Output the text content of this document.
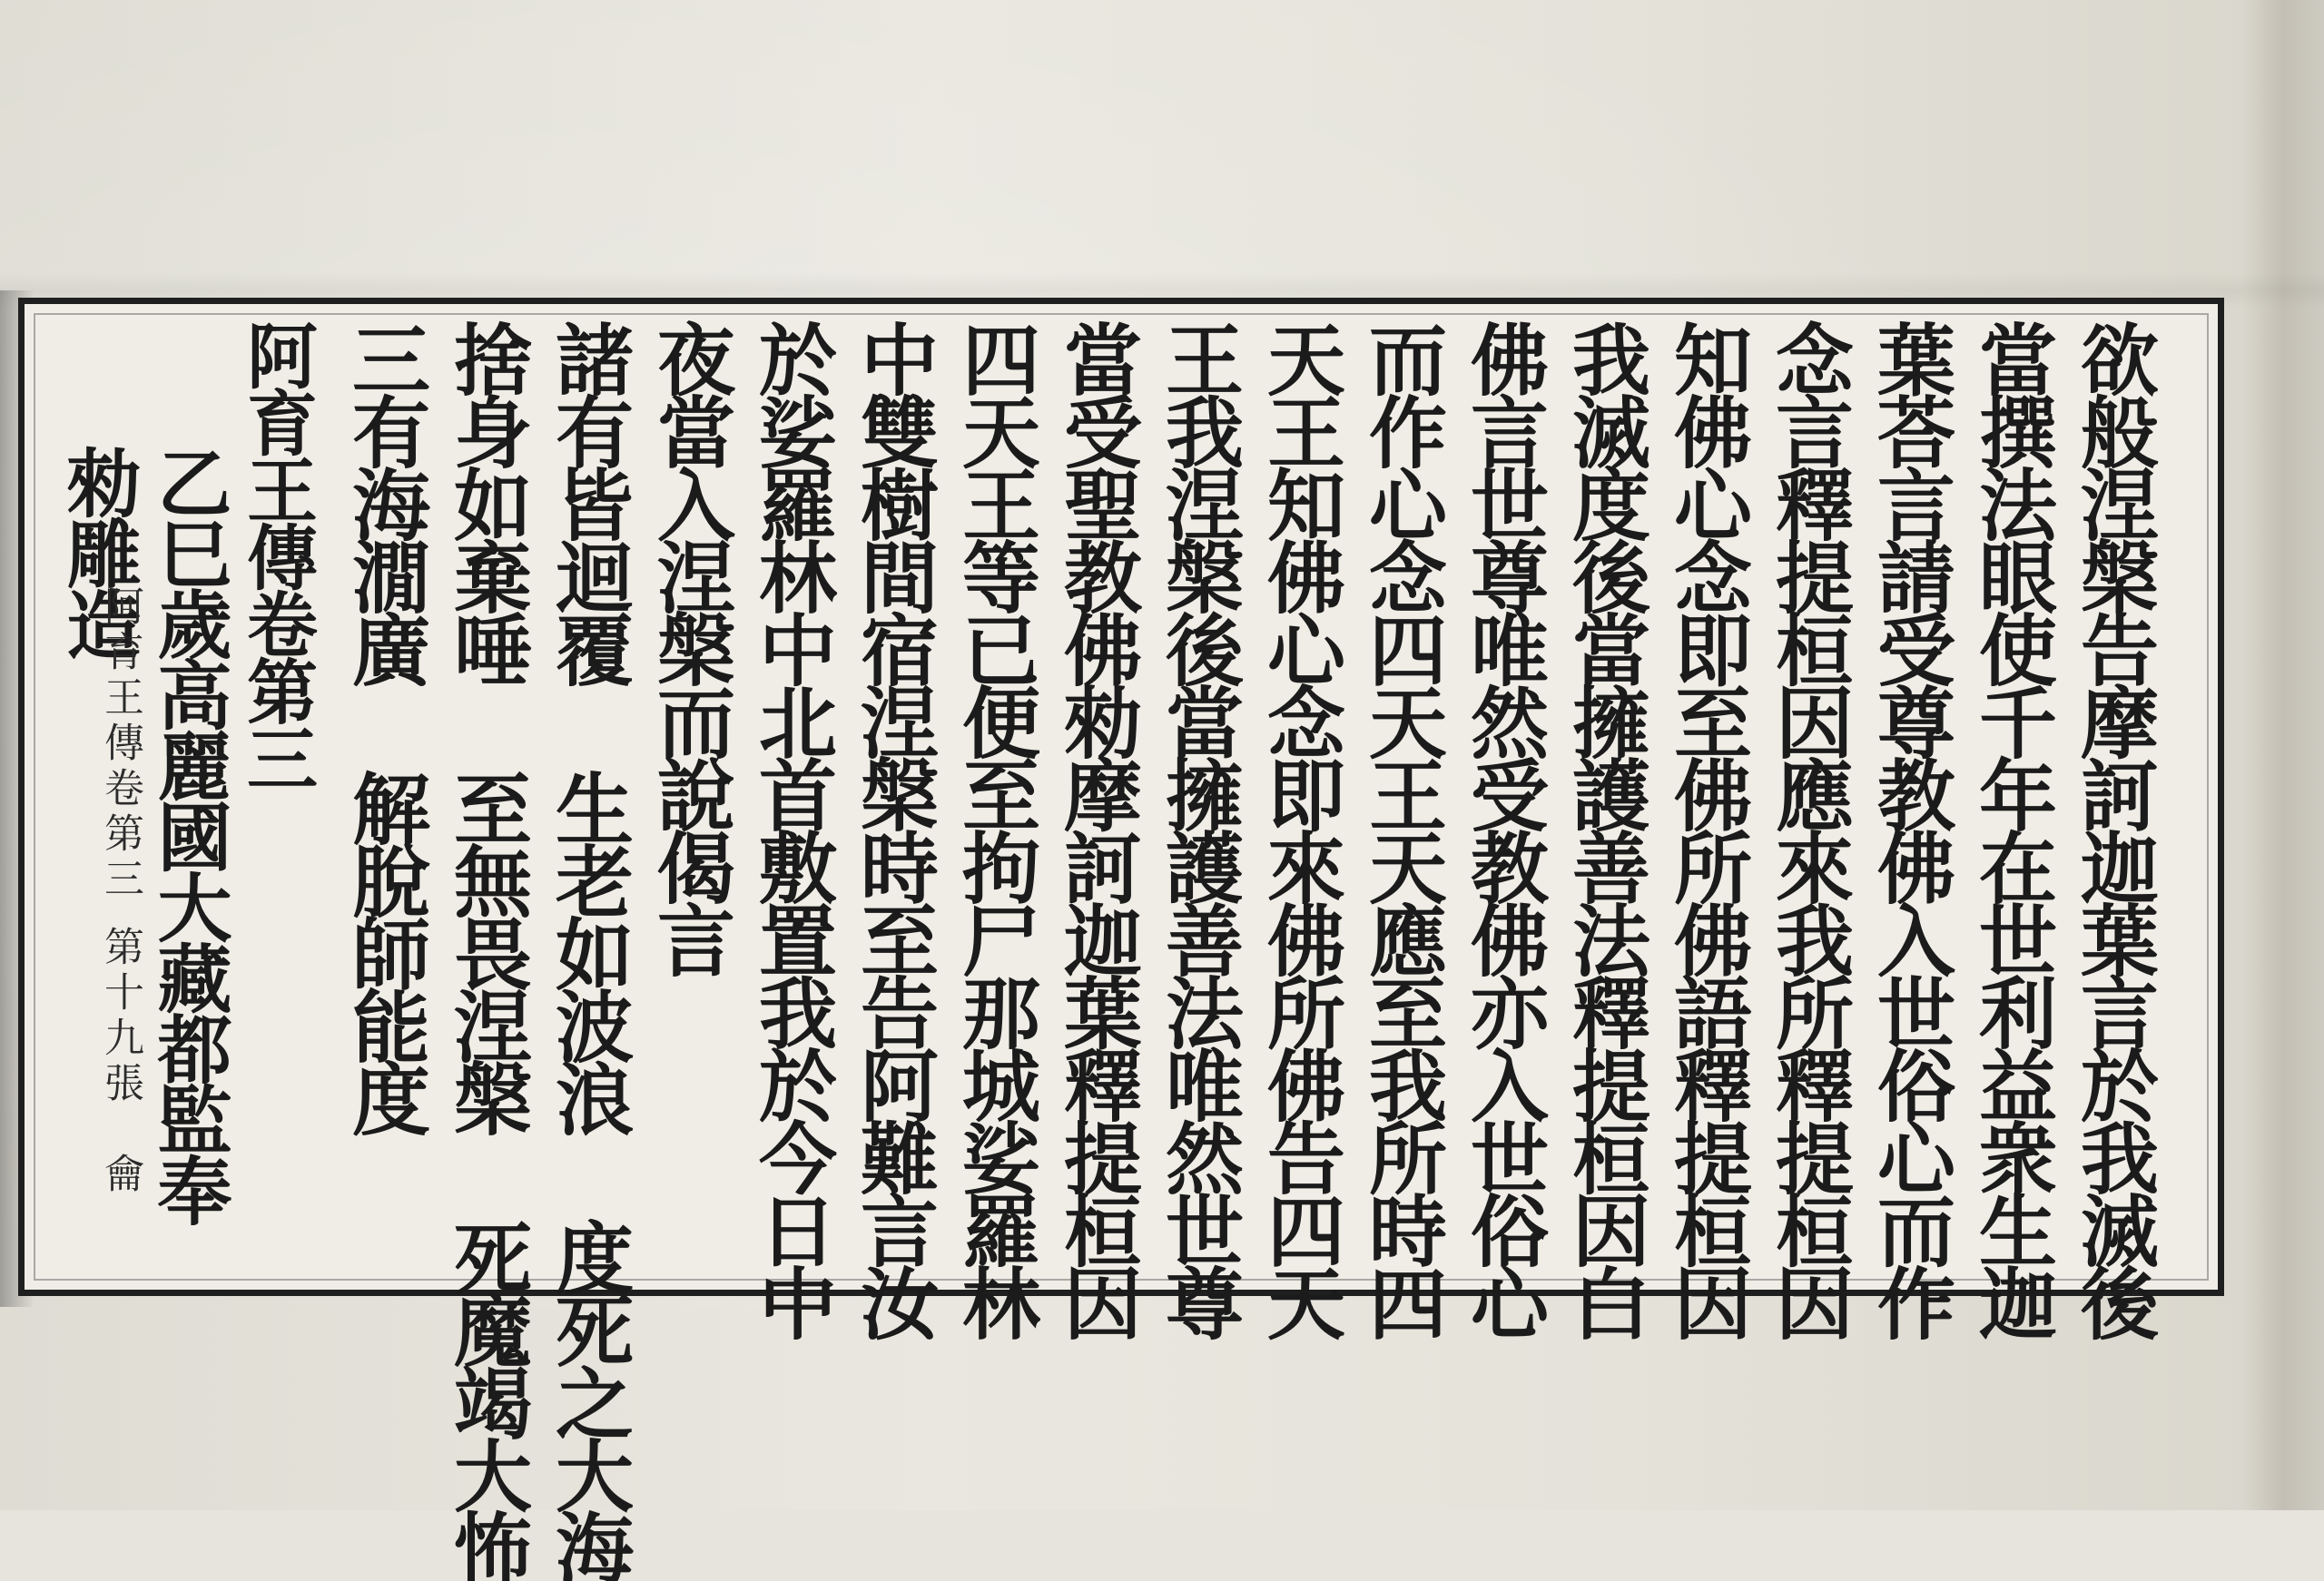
欲般涅槃告摩訶迦葉言於我滅後
當撰法眼使千年在世利益衆生迦
葉荅言請受尊教佛入世俗心而作
念言釋提桓因應來我所釋提桓因
知佛心念即至佛所佛語釋提桓因
我滅度後當擁護善法釋提桓因白
佛言世尊唯然受教佛亦入世俗心
而作心念四天王天應至我所時四
天王知佛心念即來佛所佛告四天
王我涅槃後當擁護善法唯然世尊
當受聖教佛勑摩訶迦葉釋提桓因
四天王等已便至拘尸那城娑羅林
中雙樹間宿涅槃時至告阿難言汝
於娑羅林中北首敷置我於今日中
夜當入涅槃而說偈言
諸有皆迴覆 生老如波浪 度死之大海
捨身如棄唾 至無畏涅槃 死魔竭大怖
三有海㵎廣 解脫師能度
阿育王傳卷第三
乙巳歲高麗國大藏都監奉
勑雕造
阿育王傳卷第三
第十九張
龠
